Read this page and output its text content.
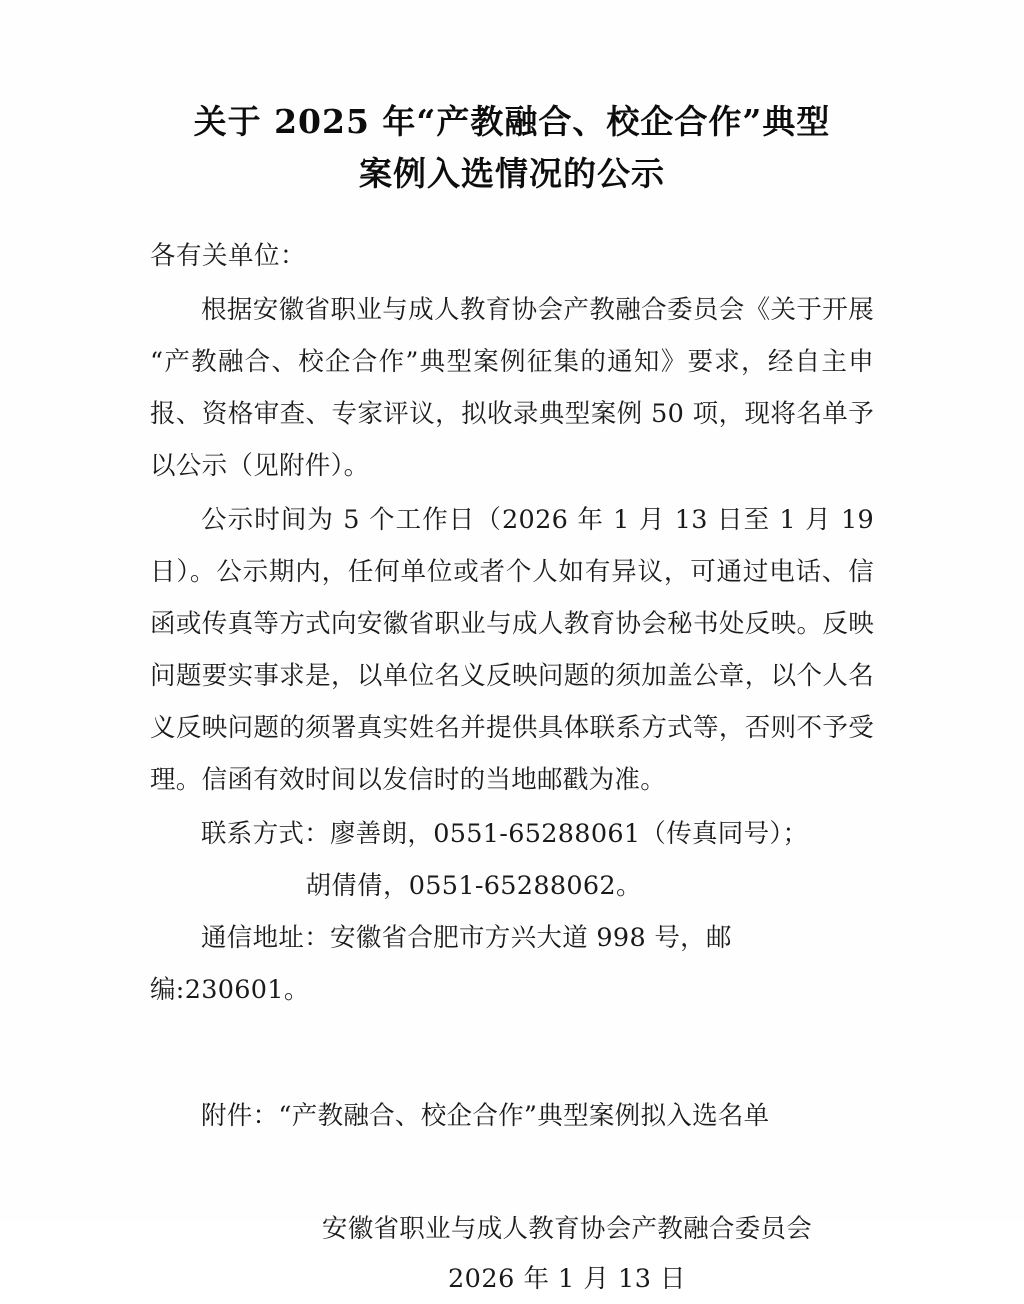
关于 2025 年“产教融合、校企合作”典型
案例入选情况的公示

各有关单位：

根据安徽省职业与成人教育协会产教融合委员会《关于开展“产教融合、校企合作”典型案例征集的通知》要求，经自主申报、资格审查、专家评议，拟收录典型案例 50 项，现将名单予以公示（见附件）。

公示时间为 5 个工作日（2026 年 1 月 13 日至 1 月 19 日）。公示期内，任何单位或者个人如有异议，可通过电话、信函或传真等方式向安徽省职业与成人教育协会秘书处反映。反映问题要实事求是，以单位名义反映问题的须加盖公章，以个人名义反映问题的须署真实姓名并提供具体联系方式等，否则不予受理。信函有效时间以发信时的当地邮戳为准。

联系方式：廖善朗，0551-65288061（传真同号）；

胡倩倩，0551-65288062。

通信地址：安徽省合肥市方兴大道 998 号，邮编:230601。

附件：“产教融合、校企合作”典型案例拟入选名单

安徽省职业与成人教育协会产教融合委员会
2026 年 1 月 13 日
